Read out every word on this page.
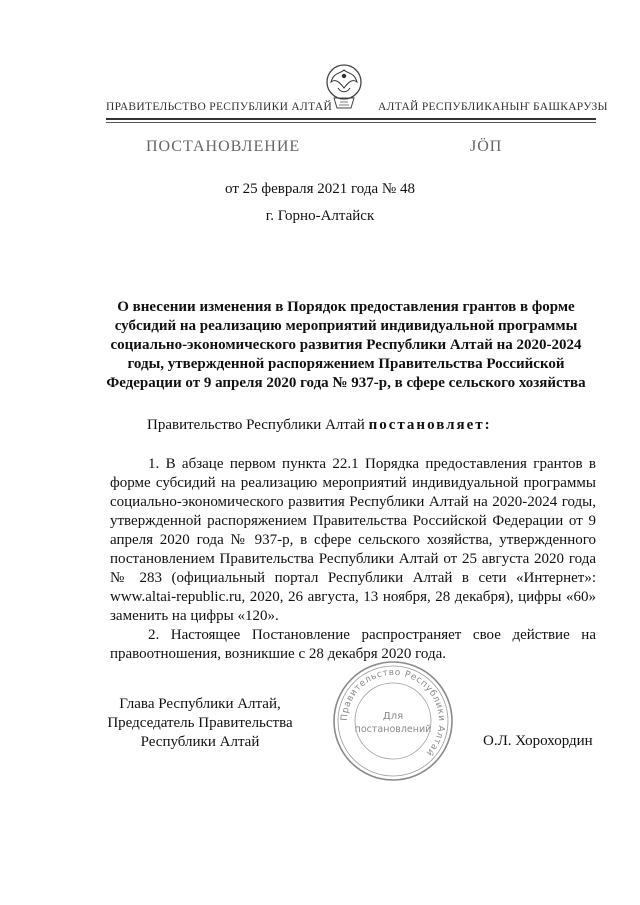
ПРАВИТЕЛЬСТВО РЕСПУБЛИКИ АЛТАЙ	АЛТАЙ РЕСПУБЛИКАНЫҤ БАШКАРУЗЫ
ПОСТАНОВЛЕНИЕ	JӦП
от 25 февраля 2021 года № 48
г. Горно-Алтайск
О внесении изменения в Порядок предоставления грантов в форме субсидий на реализацию мероприятий индивидуальной программы социально-экономического развития Республики Алтай на 2020-2024 годы, утвержденной распоряжением Правительства Российской Федерации от 9 апреля 2020 года № 937-р, в сфере сельского хозяйства
Правительство Республики Алтай постановляет:

1. В абзаце первом пункта 22.1 Порядка предоставления грантов в форме субсидий на реализацию мероприятий индивидуальной программы социально-экономического развития Республики Алтай на 2020-2024 годы, утвержденной распоряжением Правительства Российской Федерации от 9 апреля 2020 года № 937-р, в сфере сельского хозяйства, утвержденного постановлением Правительства Республики Алтай от 25 августа 2020 года № 283 (официальный портал Республики Алтай в сети «Интернет»: www.altai-republic.ru, 2020, 26 августа, 13 ноября, 28 декабря), цифры «60» заменить на цифры «120».

2. Настоящее Постановление распространяет свое действие на правоотношения, возникшие с 28 декабря 2020 года.

Глава Республики Алтай,
Председатель Правительства
Республики Алтай	О.Л. Хорохордин
Правительство Республики Алтай
Для
постановлений
